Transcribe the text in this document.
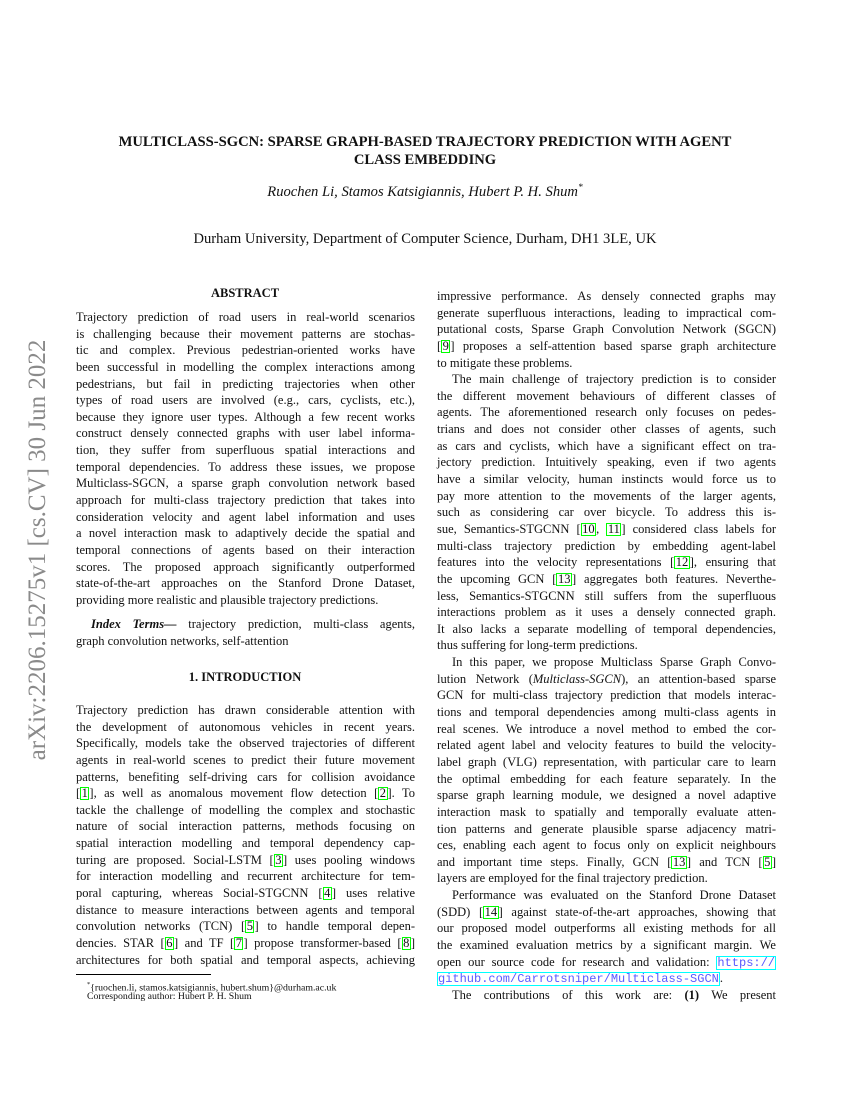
arXiv:2206.15275v1 [cs.CV] 30 Jun 2022
MULTICLASS-SGCN: SPARSE GRAPH-BASED TRAJECTORY PREDICTION WITH AGENT
CLASS EMBEDDING
Ruochen Li, Stamos Katsigiannis, Hubert P. H. Shum*
Durham University, Department of Computer Science, Durham, DH1 3LE, UK
ABSTRACT
Trajectory prediction of road users in real-world scenarios
is challenging because their movement patterns are stochas-
tic and complex. Previous pedestrian-oriented works have
been successful in modelling the complex interactions among
pedestrians, but fail in predicting trajectories when other
types of road users are involved (e.g., cars, cyclists, etc.),
because they ignore user types. Although a few recent works
construct densely connected graphs with user label informa-
tion, they suffer from superfluous spatial interactions and
temporal dependencies. To address these issues, we propose
Multiclass-SGCN, a sparse graph convolution network based
approach for multi-class trajectory prediction that takes into
consideration velocity and agent label information and uses
a novel interaction mask to adaptively decide the spatial and
temporal connections of agents based on their interaction
scores. The proposed approach significantly outperformed
state-of-the-art approaches on the Stanford Drone Dataset,
providing more realistic and plausible trajectory predictions.
Index Terms— trajectory prediction, multi-class agents,
graph convolution networks, self-attention
1. INTRODUCTION
Trajectory prediction has drawn considerable attention with
the development of autonomous vehicles in recent years.
Specifically, models take the observed trajectories of different
agents in real-world scenes to predict their future movement
patterns, benefiting self-driving cars for collision avoidance
[ 1 ], as well as anomalous movement flow detection [ 2 ]. To
tackle the challenge of modelling the complex and stochastic
nature of social interaction patterns, methods focusing on
spatial interaction modelling and temporal dependency cap-
turing are proposed. Social-LSTM [ 3 ] uses pooling windows
for interaction modelling and recurrent architecture for tem-
poral capturing, whereas Social-STGCNN [ 4 ] uses relative
distance to measure interactions between agents and temporal
convolution networks (TCN) [ 5 ] to handle temporal depen-
dencies. STAR [ 6 ] and TF [ 7 ] propose transformer-based [ 8 ]
architectures for both spatial and temporal aspects, achieving
*{ruochen.li, stamos.katsigiannis, hubert.shum}@durham.ac.uk
Corresponding author: Hubert P. H. Shum
impressive performance. As densely connected graphs may
generate superfluous interactions, leading to impractical com-
putational costs, Sparse Graph Convolution Network (SGCN)
[ 9 ] proposes a self-attention based sparse graph architecture
to mitigate these problems.
The main challenge of trajectory prediction is to consider
the different movement behaviours of different classes of
agents. The aforementioned research only focuses on pedes-
trians and does not consider other classes of agents, such
as cars and cyclists, which have a significant effect on tra-
jectory prediction. Intuitively speaking, even if two agents
have a similar velocity, human instincts would force us to
pay more attention to the movements of the larger agents,
such as considering car over bicycle. To address this is-
sue, Semantics-STGCNN [ 10 , 11 ] considered class labels for
multi-class trajectory prediction by embedding agent-label
features into the velocity representations [ 12 ], ensuring that
the upcoming GCN [ 13 ] aggregates both features. Neverthe-
less, Semantics-STGCNN still suffers from the superfluous
interactions problem as it uses a densely connected graph.
It also lacks a separate modelling of temporal dependencies,
thus suffering for long-term predictions.
In this paper, we propose Multiclass Sparse Graph Convo-
lution Network (Multiclass-SGCN), an attention-based sparse
GCN for multi-class trajectory prediction that models interac-
tions and temporal dependencies among multi-class agents in
real scenes. We introduce a novel method to embed the cor-
related agent label and velocity features to build the velocity-
label graph (VLG) representation, with particular care to learn
the optimal embedding for each feature separately. In the
sparse graph learning module, we designed a novel adaptive
interaction mask to spatially and temporally evaluate atten-
tion patterns and generate plausible sparse adjacency matri-
ces, enabling each agent to focus only on explicit neighbours
and important time steps. Finally, GCN [ 13 ] and TCN [ 5 ]
layers are employed for the final trajectory prediction.
Performance was evaluated on the Stanford Drone Dataset
(SDD) [ 14 ] against state-of-the-art approaches, showing that
our proposed model outperforms all existing methods for all
the examined evaluation metrics by a significant margin. We
open our source code for research and validation: https://
github.com/Carrotsniper/Multiclass-SGCN.
The contributions of this work are: (1) We present
